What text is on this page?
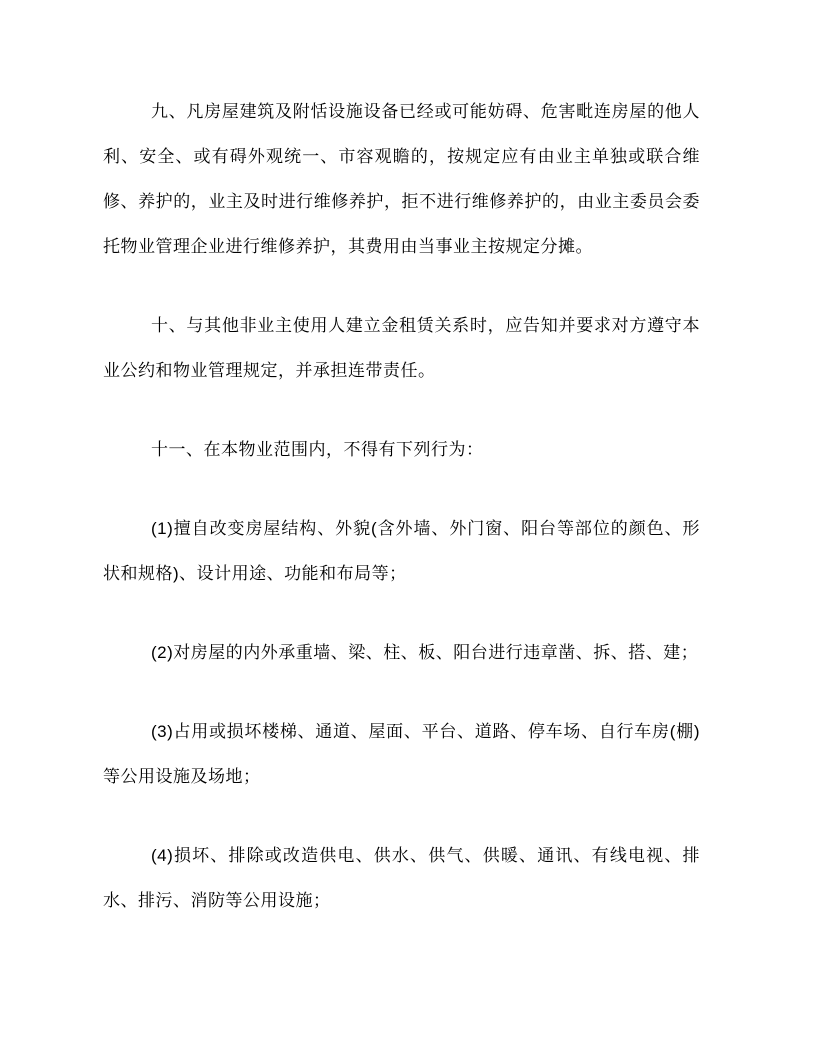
九、凡房屋建筑及附恬设施设备已经或可能妨碍、危害毗连房屋的他人利、安全、或有碍外观统一、市容观瞻的，按规定应有由业主单独或联合维修、养护的，业主及时进行维修养护，拒不进行维修养护的，由业主委员会委托物业管理企业进行维修养护，其费用由当事业主按规定分摊。

十、与其他非业主使用人建立金租赁关系时，应告知并要求对方遵守本业公约和物业管理规定，并承担连带责任。

十一、在本物业范围内，不得有下列行为：

(1)擅自改变房屋结构、外貌(含外墙、外门窗、阳台等部位的颜色、形状和规格)、设计用途、功能和布局等；

(2)对房屋的内外承重墙、梁、柱、板、阳台进行违章凿、拆、搭、建；

(3)占用或损坏楼梯、通道、屋面、平台、道路、停车场、自行车房(棚)等公用设施及场地；

(4)损坏、排除或改造供电、供水、供气、供暖、通讯、有线电视、排水、排污、消防等公用设施；
